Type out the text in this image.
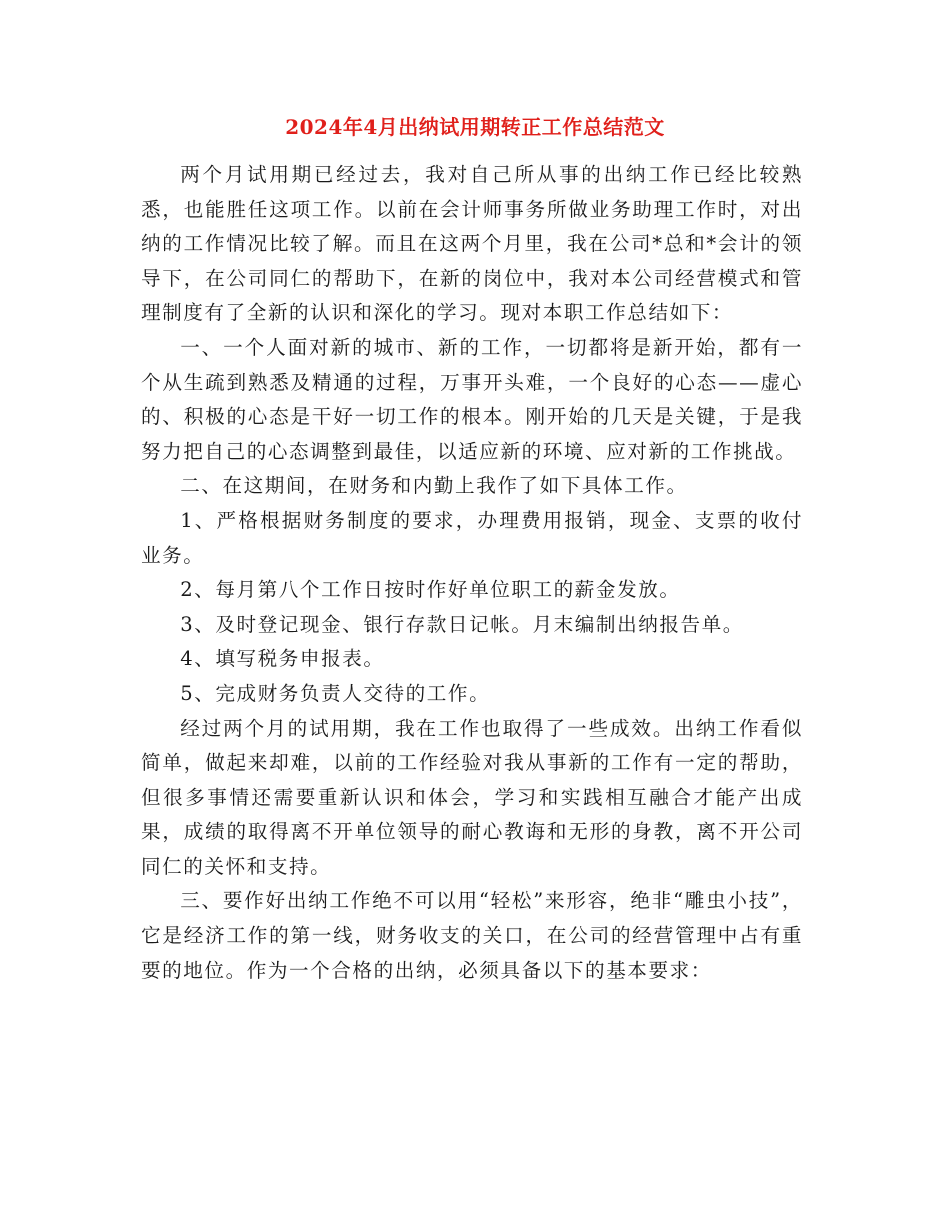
2024年4月出纳试用期转正工作总结范文

两个月试用期已经过去，我对自己所从事的出纳工作已经比较熟悉，也能胜任这项工作。以前在会计师事务所做业务助理工作时，对出纳的工作情况比较了解。而且在这两个月里，我在公司*总和*会计的领导下，在公司同仁的帮助下，在新的岗位中，我对本公司经营模式和管理制度有了全新的认识和深化的学习。现对本职工作总结如下：

一、一个人面对新的城市、新的工作，一切都将是新开始，都有一个从生疏到熟悉及精通的过程，万事开头难，一个良好的心态——虚心的、积极的心态是干好一切工作的根本。刚开始的几天是关键，于是我努力把自己的心态调整到最佳，以适应新的环境、应对新的工作挑战。

二、在这期间，在财务和内勤上我作了如下具体工作。

1、严格根据财务制度的要求，办理费用报销，现金、支票的收付业务。

2、每月第八个工作日按时作好单位职工的薪金发放。

3、及时登记现金、银行存款日记帐。月末编制出纳报告单。

4、填写税务申报表。

5、完成财务负责人交待的工作。

经过两个月的试用期，我在工作也取得了一些成效。出纳工作看似简单，做起来却难，以前的工作经验对我从事新的工作有一定的帮助，但很多事情还需要重新认识和体会，学习和实践相互融合才能产出成果，成绩的取得离不开单位领导的耐心教诲和无形的身教，离不开公司同仁的关怀和支持。

三、要作好出纳工作绝不可以用“轻松”来形容，绝非“雕虫小技”，它是经济工作的第一线，财务收支的关口，在公司的经营管理中占有重要的地位。作为一个合格的出纳，必须具备以下的基本要求：
